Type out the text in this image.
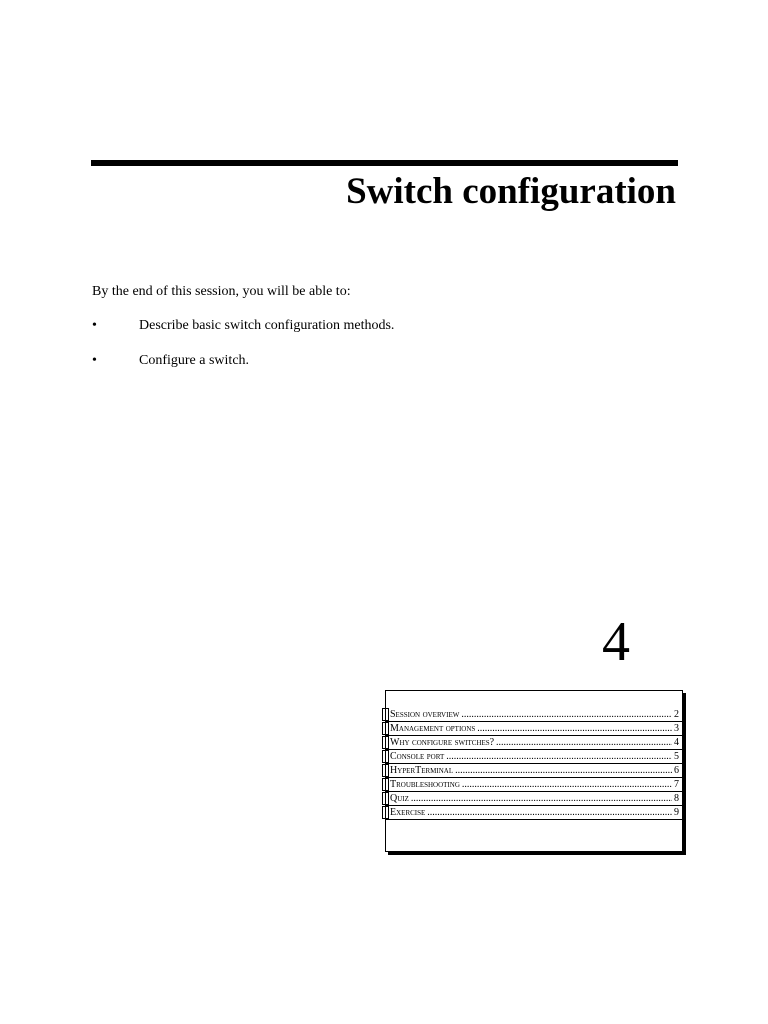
Switch configuration

By the end of this session, you will be able to:

•	Describe basic switch configuration methods.
•	Configure a switch.
4
Session overview .....	2
Management options .....	3
Why configure switches? .....	4
Console port .....	5
HyperTerminal .....	6
Troubleshooting .....	7
Quiz .....	8
Exercise .....	9
